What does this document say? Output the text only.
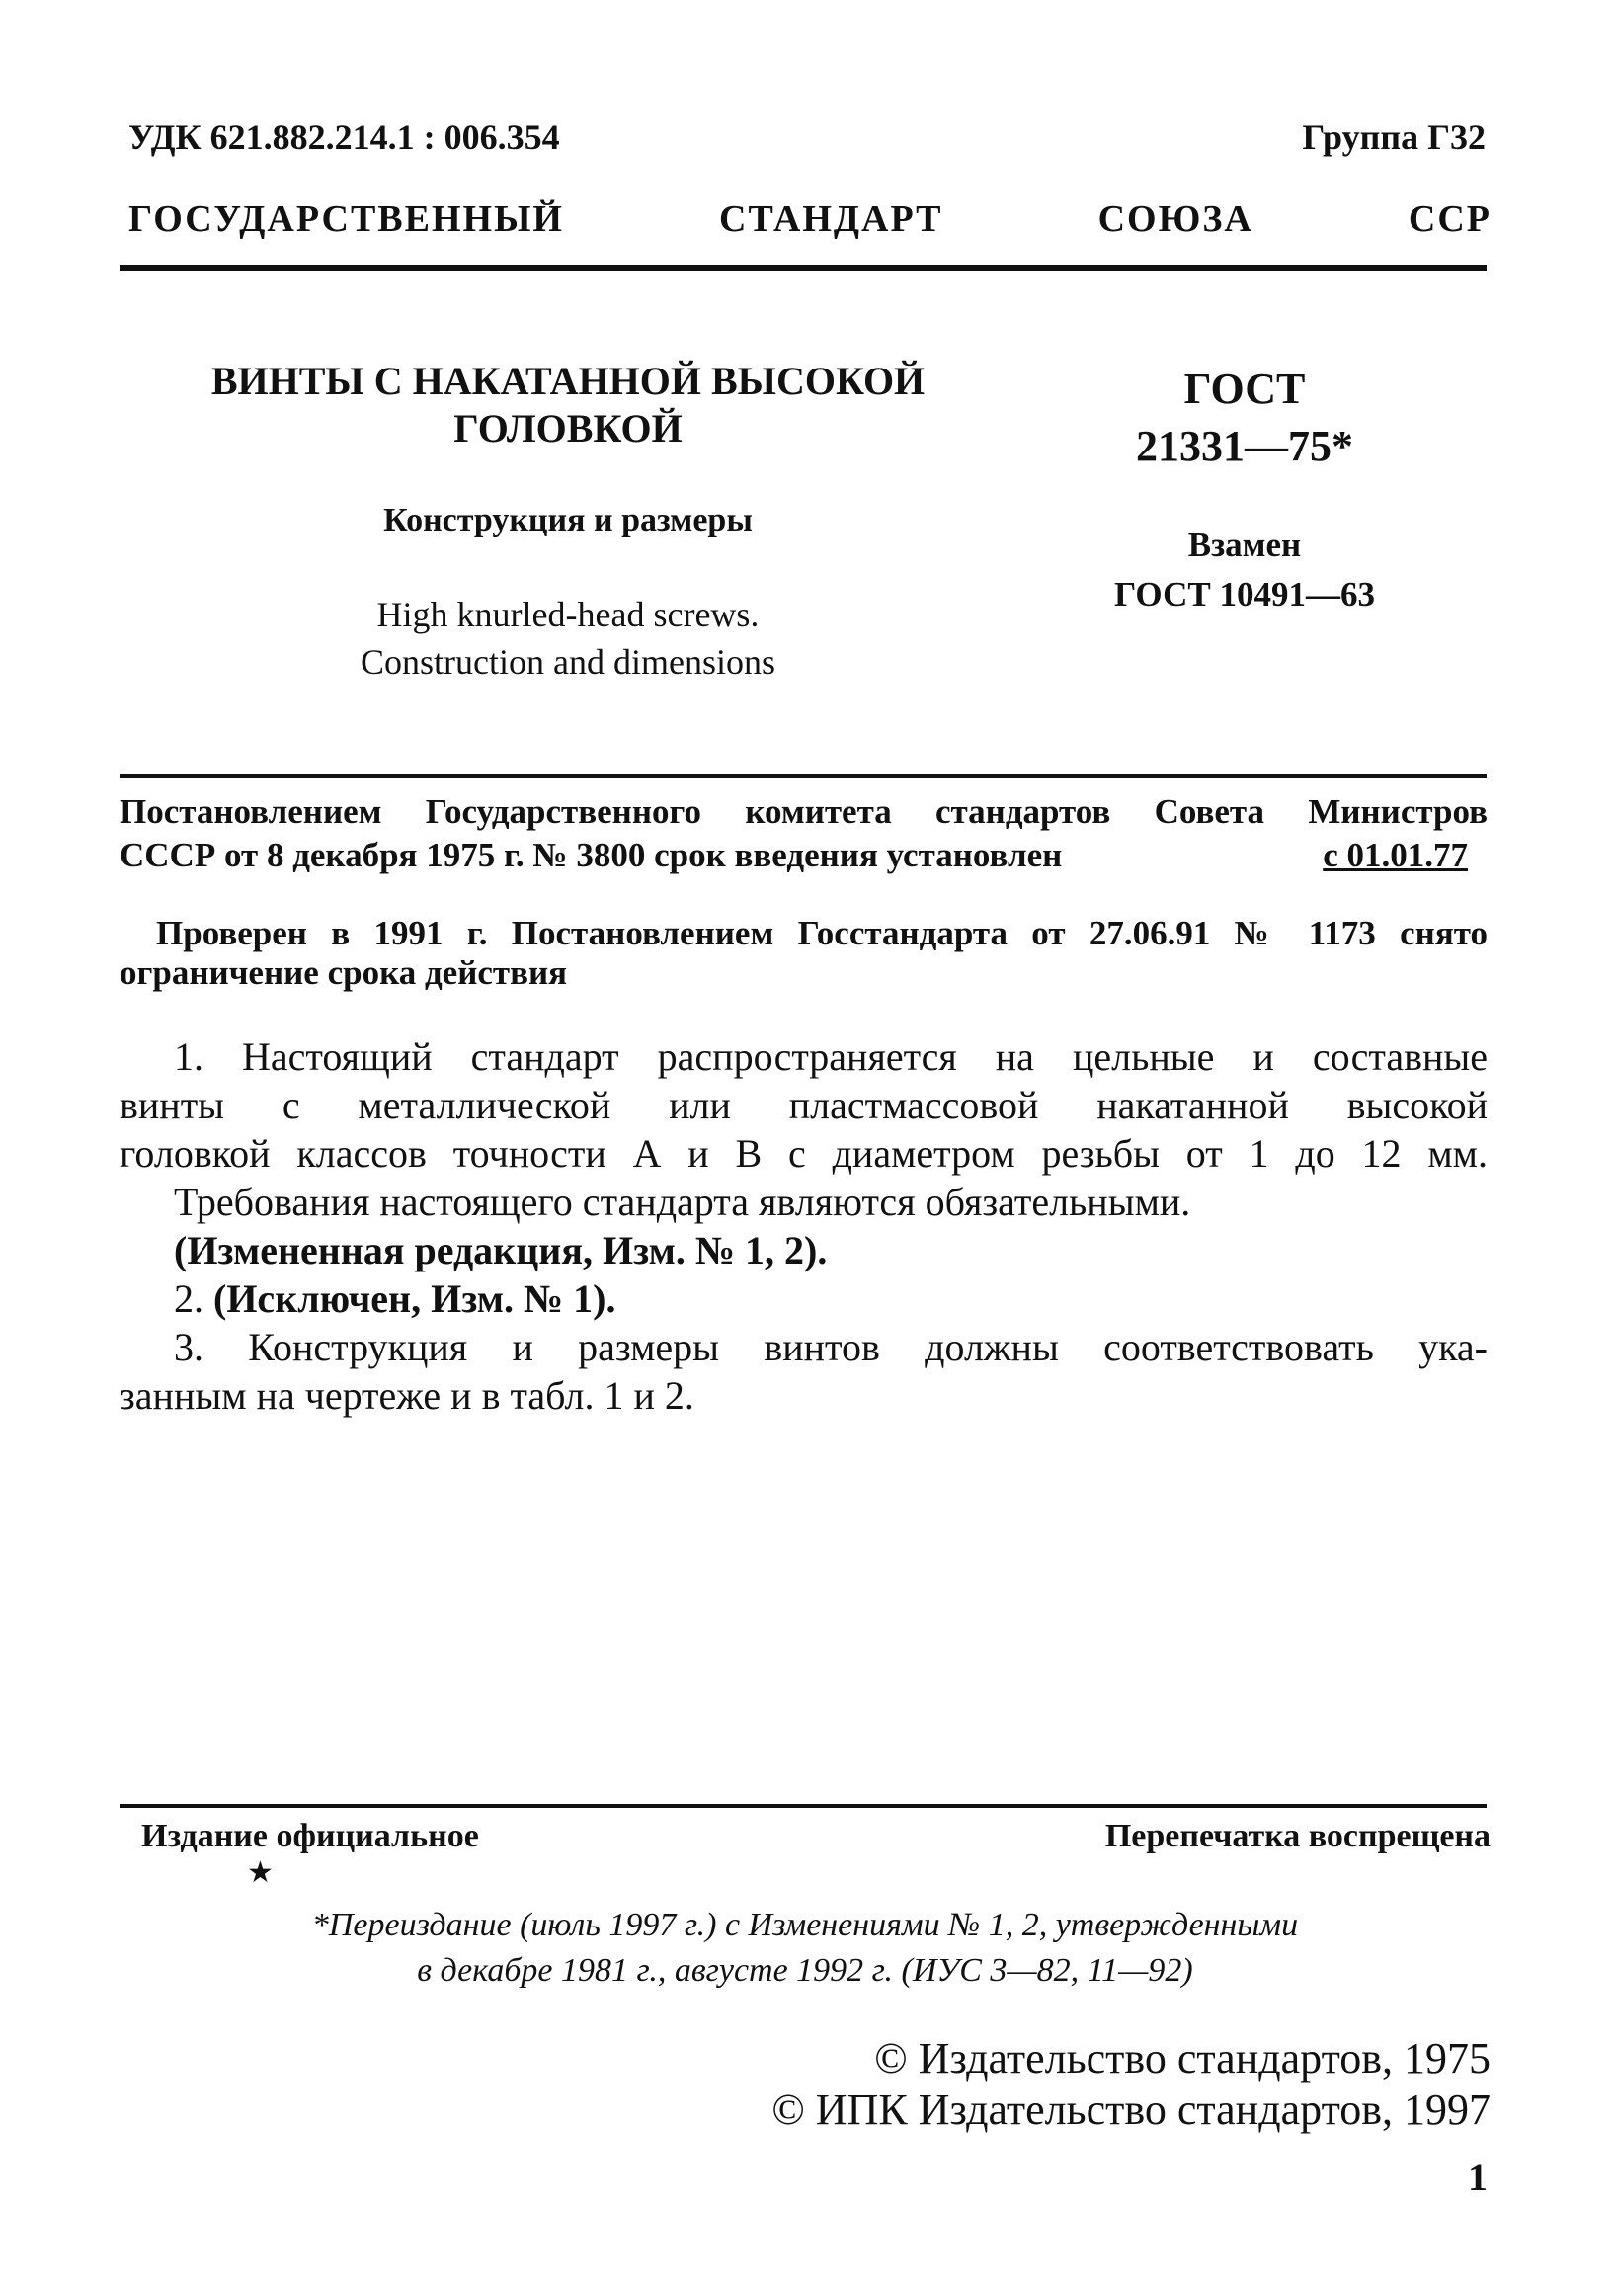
УДК 621.882.214.1 : 006.354	Группа Г32
ГОСУДАРСТВЕННЫЙ СТАНДАРТ СОЮЗА ССР
ВИНТЫ С НАКАТАННОЙ ВЫСОКОЙ
ГОЛОВКОЙ
Конструкция и размеры
High knurled-head screws.
Construction and dimensions
ГОСТ
21331—75*
Взамен
ГОСТ 10491—63
Постановлением Государственного комитета стандартов Совета Министров
СССР от 8 декабря 1975 г. № 3800 срок введения установлен	с 01.01.77
Проверен в 1991 г. Постановлением Госстандарта от 27.06.91 № 1173 снято
ограничение срока действия

1. Настоящий стандарт распространяется на цельные и составные

винты с металлической или пластмассовой накатанной высокой

головкой классов точности А и В с диаметром резьбы от 1 до 12 мм.

Требования настоящего стандарта являются обязательными.

(Измененная редакция, Изм. № 1, 2).

2. (Исключен, Изм. № 1).

3. Конструкция и размеры винтов должны соответствовать ука-

занным на чертеже и в табл. 1 и 2.

Издание официальное	Перепечатка воспрещена
★
*Переиздание (июль 1997 г.) с Изменениями № 1, 2, утвержденными
в декабре 1981 г., августе 1992 г. (ИУС 3—82, 11—92)
© Издательство стандартов, 1975
© ИПК Издательство стандартов, 1997
1
